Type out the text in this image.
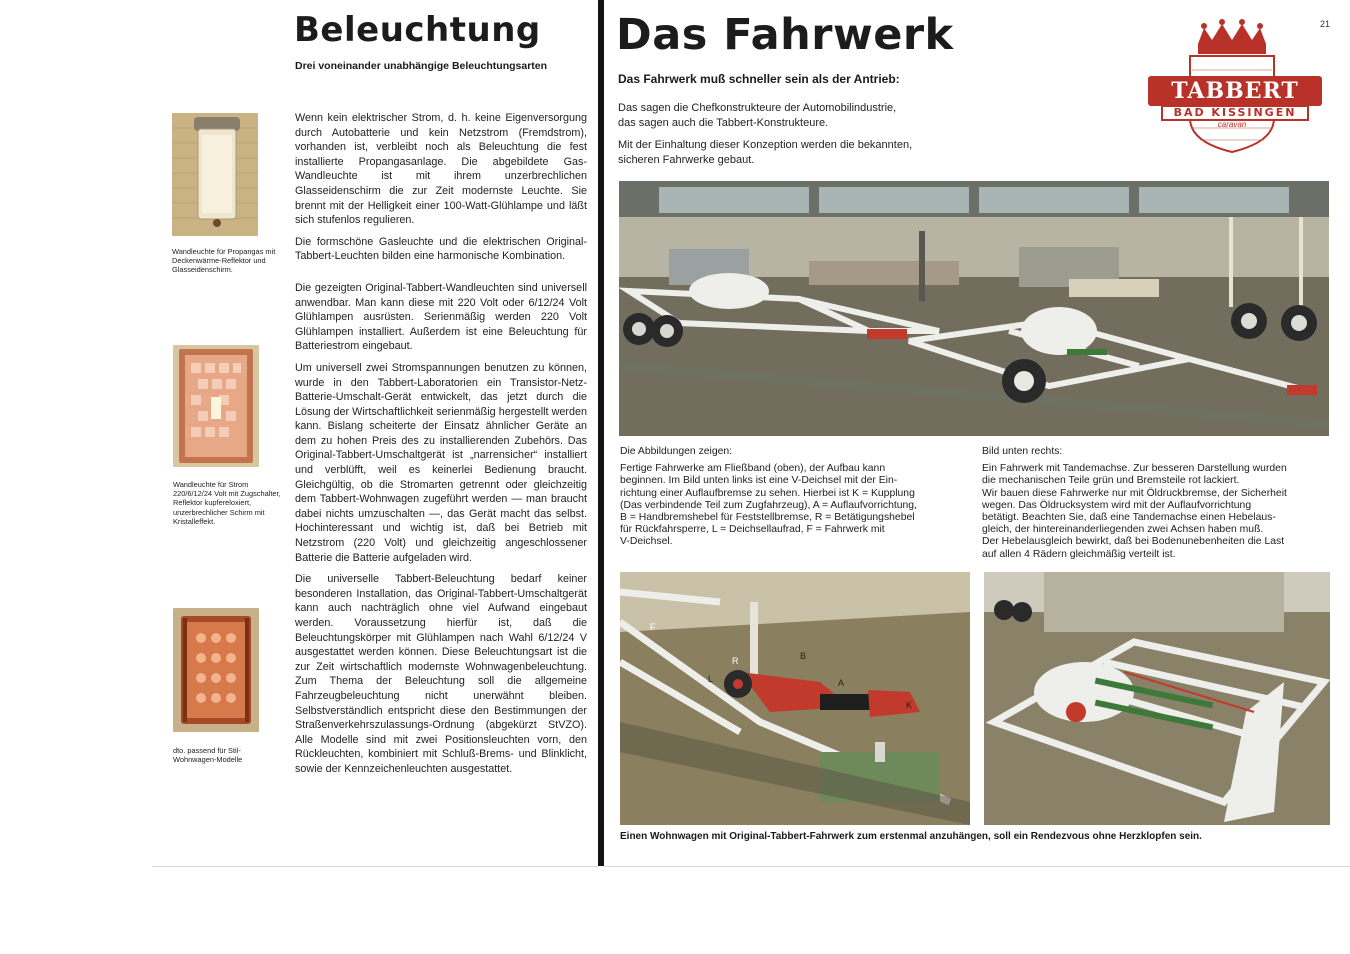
Beleuchtung
Drei voneinander unabhängige Beleuchtungsarten
Wandleuchte für Propangas mit Deckenwärme-Reflektor und Glasseidenschirm.
Wandleuchte für Strom 220/6/12/24 Volt mit Zugschalter, Reflektor kupfereloxiert, unzerbrechlicher Schirm mit Kristalleffekt.
dto. passend für Stil-Wohnwagen-Modelle

Wenn kein elektrischer Strom, d. h. keine Eigenversorgung durch Autobatterie und kein Netzstrom (Fremdstrom), vorhanden ist, verbleibt noch als Beleuchtung die fest installierte Propangasanlage. Die abgebildete Gas-Wandleuchte ist mit ihrem unzerbrechlichen Glasseidenschirm die zur Zeit modernste Leuchte. Sie brennt mit der Helligkeit einer 100-Watt-Glühlampe und läßt sich stufenlos regulieren.

Die formschöne Gasleuchte und die elektrischen Original-Tabbert-Leuchten bilden eine harmonische Kombination.

Die gezeigten Original-Tabbert-Wandleuchten sind universell anwendbar. Man kann diese mit 220 Volt oder 6/12/24 Volt Glühlampen ausrüsten. Serienmäßig werden 220 Volt Glühlampen installiert. Außerdem ist eine Beleuchtung für Batteriestrom eingebaut.

Um universell zwei Stromspannungen benutzen zu können, wurde in den Tabbert-Laboratorien ein Transistor-Netz-Batterie-Umschalt-Gerät entwickelt, das jetzt durch die Lösung der Wirtschaftlichkeit serienmäßig hergestellt werden kann. Bislang scheiterte der Einsatz ähnlicher Geräte an dem zu hohen Preis des zu installierenden Zubehörs. Das Original-Tabbert-Umschaltgerät ist „narrensicher“ installiert und verblüfft, weil es keinerlei Bedienung braucht. Gleichgültig, ob die Stromarten getrennt oder gleichzeitig dem Tabbert-Wohnwagen zugeführt werden — man braucht dabei nichts umzuschalten —, das Gerät macht das selbst. Hochinteressant und wichtig ist, daß bei Betrieb mit Netzstrom (220 Volt) und gleichzeitig angeschlossener Batterie die Batterie aufgeladen wird.

Die universelle Tabbert-Beleuchtung bedarf keiner besonderen Installation, das Original-Tabbert-Umschaltgerät kann auch nachträglich ohne viel Aufwand eingebaut werden. Voraussetzung hierfür ist, daß die Beleuchtungskörper mit Glühlampen nach Wahl 6/12/24 V ausgestattet werden können. Diese Beleuchtungsart ist die zur Zeit wirtschaftlich modernste Wohnwagenbeleuchtung. Zum Thema der Beleuchtung soll die allgemeine Fahrzeugbeleuchtung nicht unerwähnt bleiben. Selbstverständlich entspricht diese den Bestimmungen der Straßenverkehrszulassungs-Ordnung (abgekürzt StVZO). Alle Modelle sind mit zwei Positionsleuchten vorn, den Rückleuchten, kombiniert mit Schluß-Brems- und Blinklicht, sowie der Kennzeichenleuchten ausgestattet.

21
Das Fahrwerk
Das Fahrwerk muß schneller sein als der Antrieb:
Das sagen die Chefkonstrukteure der Automobilindustrie,
das sagen auch die Tabbert-Konstrukteure.
Mit der Einhaltung dieser Konzeption werden die bekannten,
sicheren Fahrwerke gebaut.
TABBERT
BAD KISSINGEN
caravan
Die Abbildungen zeigen:
Fertige Fahrwerke am Fließband (oben), der Aufbau kann
beginnen. Im Bild unten links ist eine V-Deichsel mit der Ein-
richtung einer Auflaufbremse zu sehen. Hierbei ist K = Kupplung
(Das verbindende Teil zum Zugfahrzeug), A = Auflaufvorrichtung,
B = Handbremshebel für Feststellbremse, R = Betätigungshebel
für Rückfahrsperre, L = Deichsellaufrad, F = Fahrwerk mit
V-Deichsel.
Bild unten rechts:
Ein Fahrwerk mit Tandemachse. Zur besseren Darstellung wurden
die mechanischen Teile grün und Bremsteile rot lackiert.
Wir bauen diese Fahrwerke nur mit Öldruckbremse, der Sicherheit
wegen. Das Öldrucksystem wird mit der Auflaufvorrichtung
betätigt. Beachten Sie, daß eine Tandemachse einen Hebelaus-
gleich, der hintereinanderliegenden zwei Achsen haben muß.
Der Hebelausgleich bewirkt, daß bei Bodenunebenheiten die Last
auf allen 4 Rädern gleichmäßig verteilt ist.
F
R	B
L	A
K
Einen Wohnwagen mit Original-Tabbert-Fahrwerk zum erstenmal anzuhängen, soll ein Rendezvous ohne Herzklopfen sein.
